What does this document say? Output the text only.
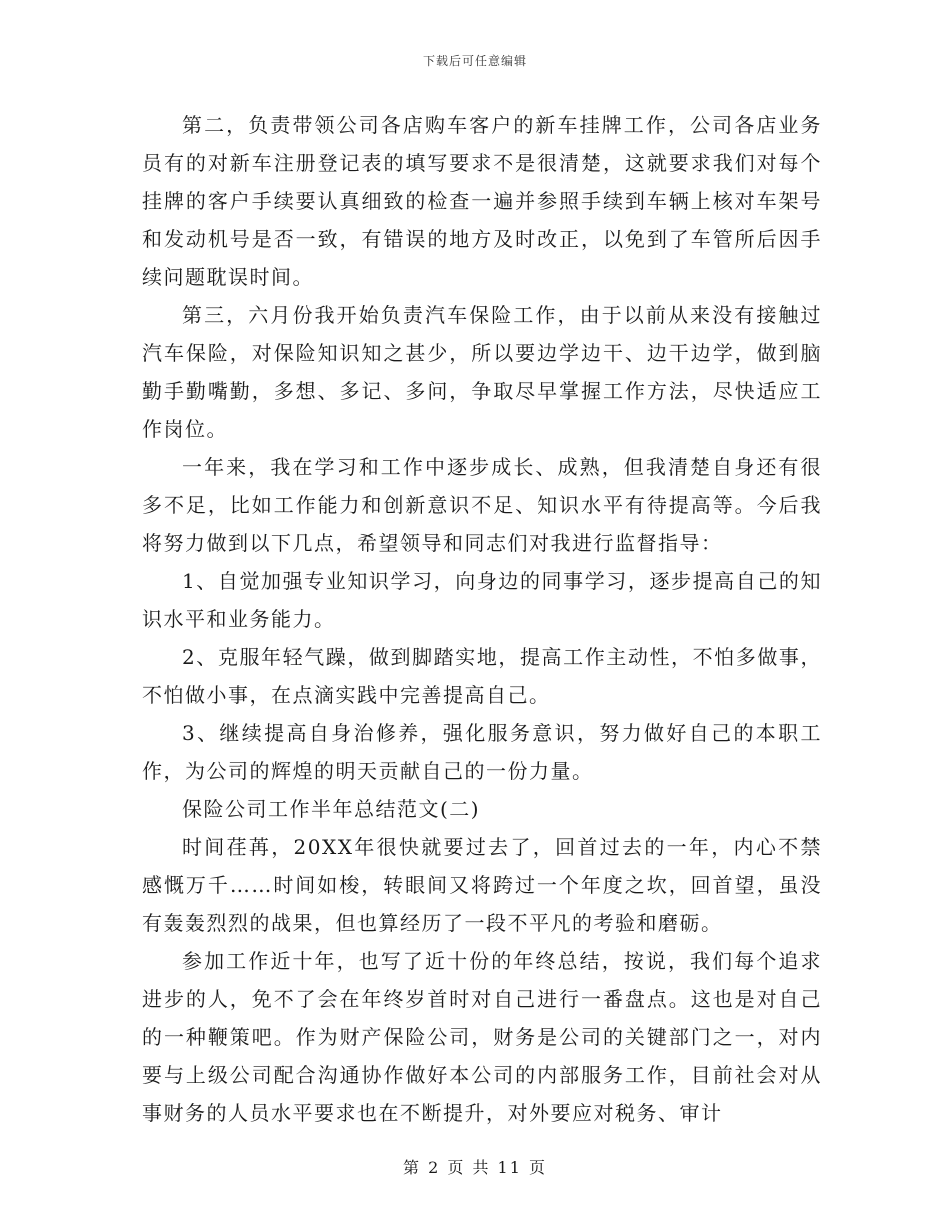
下载后可任意编辑

第二，负责带领公司各店购车客户的新车挂牌工作，公司各店业务员有的对新车注册登记表的填写要求不是很清楚，这就要求我们对每个挂牌的客户手续要认真细致的检查一遍并参照手续到车辆上核对车架号和发动机号是否一致，有错误的地方及时改正，以免到了车管所后因手续问题耽误时间。

第三，六月份我开始负责汽车保险工作，由于以前从来没有接触过汽车保险，对保险知识知之甚少，所以要边学边干、边干边学，做到脑勤手勤嘴勤，多想、多记、多问，争取尽早掌握工作方法，尽快适应工作岗位。

一年来，我在学习和工作中逐步成长、成熟，但我清楚自身还有很多不足，比如工作能力和创新意识不足、知识水平有待提高等。今后我将努力做到以下几点，希望领导和同志们对我进行监督指导：

1、自觉加强专业知识学习，向身边的同事学习，逐步提高自己的知识水平和业务能力。

2、克服年轻气躁，做到脚踏实地，提高工作主动性，不怕多做事，不怕做小事，在点滴实践中完善提高自己。

3、继续提高自身治修养，强化服务意识，努力做好自己的本职工作，为公司的辉煌的明天贡献自己的一份力量。

保险公司工作半年总结范文(二)

时间荏苒，20XX年很快就要过去了，回首过去的一年，内心不禁感慨万千……时间如梭，转眼间又将跨过一个年度之坎，回首望，虽没有轰轰烈烈的战果，但也算经历了一段不平凡的考验和磨砺。

参加工作近十年，也写了近十份的年终总结，按说，我们每个追求进步的人，免不了会在年终岁首时对自己进行一番盘点。这也是对自己的一种鞭策吧。作为财产保险公司，财务是公司的关键部门之一，对内要与上级公司配合沟通协作做好本公司的内部服务工作，目前社会对从事财务的人员水平要求也在不断提升，对外要应对税务、审计

第 2 页 共 11 页
